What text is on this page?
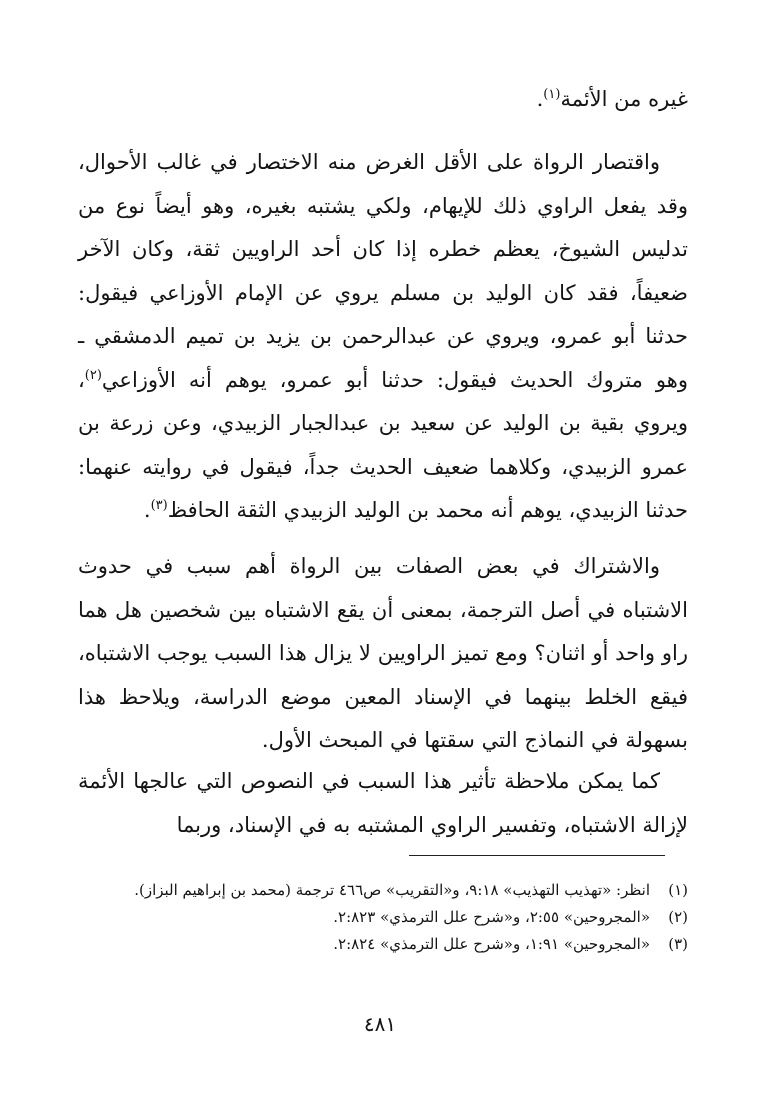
غيره من الأئمة$^{(١)}$.

واقتصار الرواة على الأقل الغرض منه الاختصار في غالب الأحوال، وقد يفعل الراوي ذلك للإيهام، ولكي يشتبه بغيره، وهو أيضاً نوع من تدليس الشيوخ، يعظم خطره إذا كان أحد الراويين ثقة، وكان الآخر ضعيفاً، فقد كان الوليد بن مسلم يروي عن الإمام الأوزاعي فيقول: حدثنا أبو عمرو، ويروي عن عبدالرحمن بن يزيد بن تميم الدمشقي ـ وهو متروك الحديث فيقول: حدثنا أبو عمرو، يوهم أنه الأوزاعي$^{(٢)}$، ويروي بقية بن الوليد عن سعيد بن عبدالجبار الزبيدي، وعن زرعة بن عمرو الزبيدي، وكلاهما ضعيف الحديث جداً، فيقول في روايته عنهما: حدثنا الزبيدي، يوهم أنه محمد بن الوليد الزبيدي الثقة الحافظ$^{(٣)}$.

والاشتراك في بعض الصفات بين الرواة أهم سبب في حدوث الاشتباه في أصل الترجمة، بمعنى أن يقع الاشتباه بين شخصين هل هما راو واحد أو اثنان؟ ومع تميز الراويين لا يزال هذا السبب يوجب الاشتباه، فيقع الخلط بينهما في الإسناد المعين موضع الدراسة، ويلاحظ هذا بسهولة في النماذج التي سقتها في المبحث الأول.

كما يمكن ملاحظة تأثير هذا السبب في النصوص التي عالجها الأئمة لإزالة الاشتباه، وتفسير الراوي المشتبه به في الإسناد، وربما

(١)
انظر: «تهذيب التهذيب» ٩:١٨، و«التقريب» ص٤٦٦ ترجمة (محمد بن إبراهيم البزاز).
(٢)
«المجروحين» ٢:٥٥، و«شرح علل الترمذي» ٢:٨٢٣.
(٣)
«المجروحين» ١:٩١، و«شرح علل الترمذي» ٢:٨٢٤.
٤٨١
